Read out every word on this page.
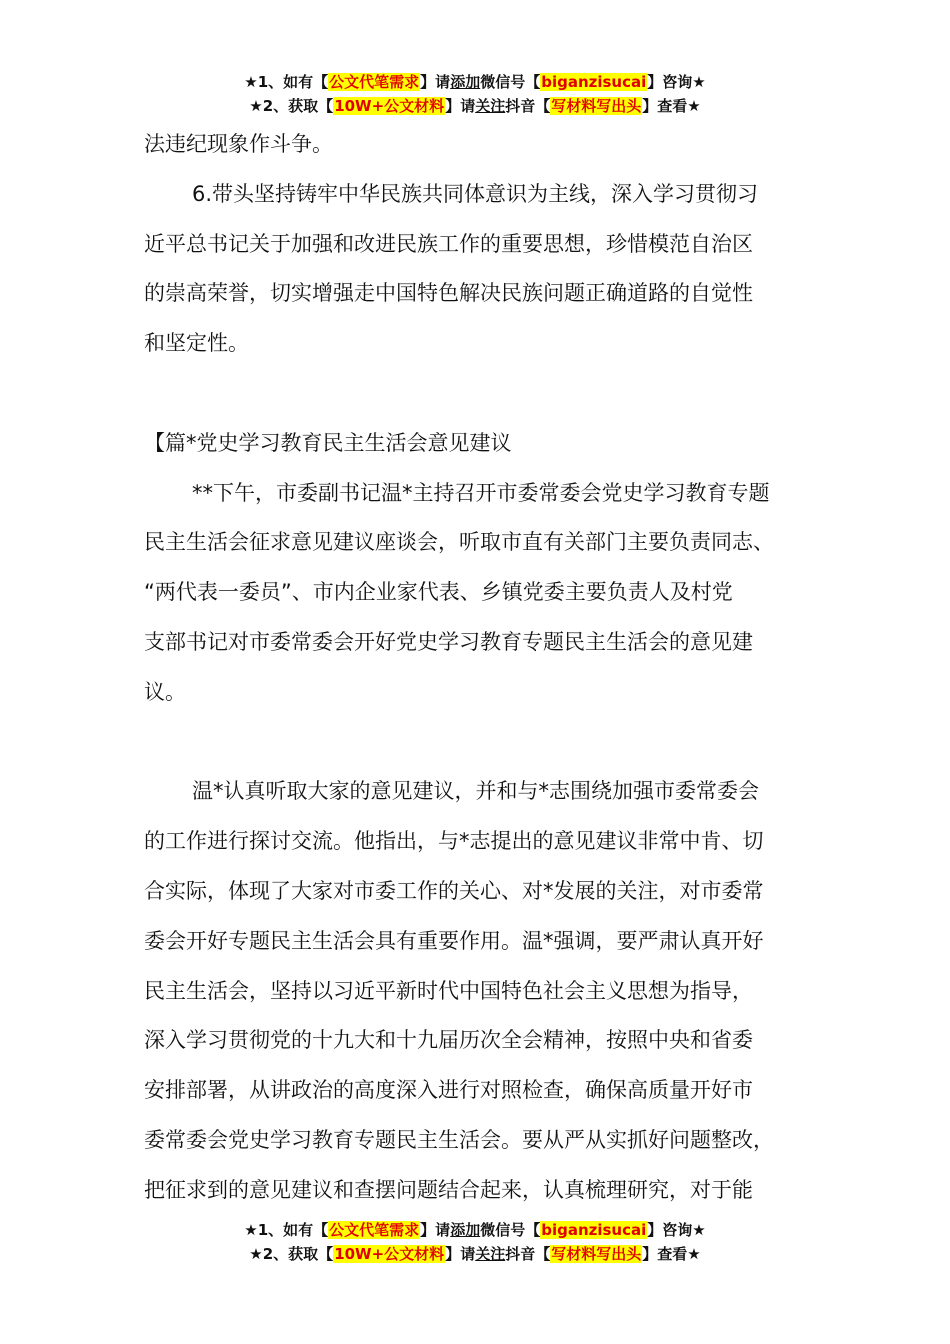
★1、如有【公文代笔需求】请添加微信号【biganzisucai】咨询★
★2、获取【10W+公文材料】请关注抖音【写材料写出头】查看★

法违纪现象作斗争。

6.带头坚持铸牢中华民族共同体意识为主线，深入学习贯彻习
近平总书记关于加强和改进民族工作的重要思想，珍惜模范自治区
的崇高荣誉，切实增强走中国特色解决民族问题正确道路的自觉性
和坚定性。

【篇*党史学习教育民主生活会意见建议

**下午，市委副书记温*主持召开市委常委会党史学习教育专题
民主生活会征求意见建议座谈会，听取市直有关部门主要负责同志、
“两代表一委员”、市内企业家代表、乡镇党委主要负责人及村党
支部书记对市委常委会开好党史学习教育专题民主生活会的意见建
议。

温*认真听取大家的意见建议，并和与*志围绕加强市委常委会
的工作进行探讨交流。他指出，与*志提出的意见建议非常中肯、切
合实际，体现了大家对市委工作的关心、对*发展的关注，对市委常
委会开好专题民主生活会具有重要作用。温*强调，要严肃认真开好
民主生活会，坚持以习近平新时代中国特色社会主义思想为指导，
深入学习贯彻党的十九大和十九届历次全会精神，按照中央和省委
安排部署，从讲政治的高度深入进行对照检查，确保高质量开好市
委常委会党史学习教育专题民主生活会。要从严从实抓好问题整改，
把征求到的意见建议和查摆问题结合起来，认真梳理研究，对于能

★1、如有【公文代笔需求】请添加微信号【biganzisucai】咨询★
★2、获取【10W+公文材料】请关注抖音【写材料写出头】查看★
